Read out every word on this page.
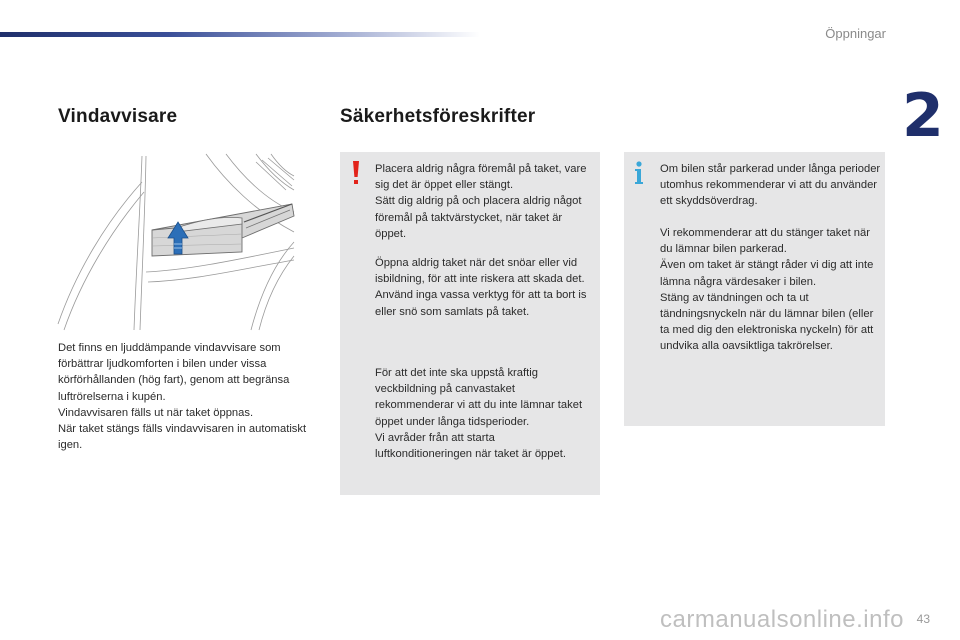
Öppningar
2
Vindavvisare	Säkerhetsföreskrifter

Det finns en ljuddämpande vindavvisare som förbättrar ljudkomforten i bilen under vissa körförhållanden (hög fart), genom att begränsa luftrörelserna i kupén.
Vindavvisaren fälls ut när taket öppnas.
När taket stängs fälls vindavvisaren in automatiskt igen.

Placera aldrig några föremål på taket, vare sig det är öppet eller stängt.
Sätt dig aldrig på och placera aldrig något föremål på taktvärstycket, när taket är öppet.
Öppna aldrig taket när det snöar eller vid isbildning, för att inte riskera att skada det.
Använd inga vassa verktyg för att ta bort is eller snö som samlats på taket.
För att det inte ska uppstå kraftig veckbildning på canvastaket rekommenderar vi att du inte lämnar taket öppet under långa tidsperioder.
Vi avråder från att starta luftkonditioneringen när taket är öppet.
Om bilen står parkerad under långa perioder utomhus rekommenderar vi att du använder ett skyddsöverdrag.
Vi rekommenderar att du stänger taket när du lämnar bilen parkerad.
Även om taket är stängt råder vi dig att inte lämna några värdesaker i bilen.
Stäng av tändningen och ta ut tändningsnyckeln när du lämnar bilen (eller ta med dig den elektroniska nyckeln) för att undvika alla oavsiktliga takrörelser.
carmanualsonline.info 43
